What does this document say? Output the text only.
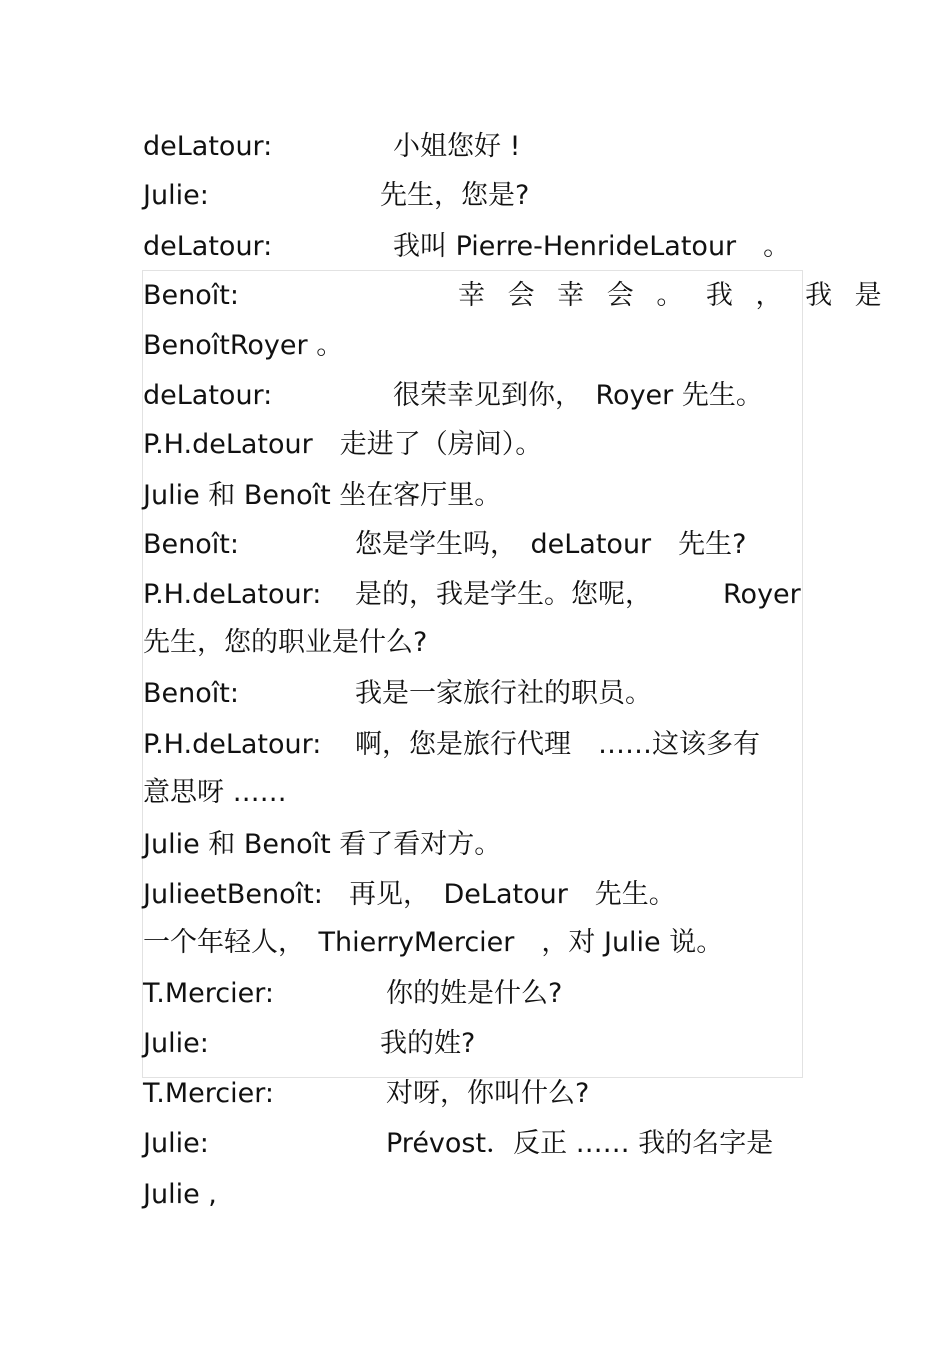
deLatour:	小姐您好 !
Julie:	先生，您是?
deLatour:	我叫 Pierre-HenrideLatour　。
Benoît:	幸 会 幸 会 。 我 ， 我 是
BenoîtRoyer 。
deLatour:	很荣幸见到你，　Royer 先生。
P.H.deLatour　走进了（房间）。
Julie 和 Benoît 坐在客厅里。
Benoît:	您是学生吗，　deLatour　先生?
P.H.deLatour: 是的，我是学生。您呢，	Royer
先生，您的职业是什么?
Benoît:	我是一家旅行社的职员。
P.H.deLatour: 啊，您是旅行代理　……这该多有
意思呀 ……
Julie 和 Benoît 看了看对方。
JulieetBenoît: 再见，　DeLatour　先生。
一个年轻人，　ThierryMercier　，对 Julie 说。
T.Mercier:	你的姓是什么?
Julie:	我的姓?
T.Mercier:	对呀，你叫什么?
Julie:	Prévost．反正 …… 我的名字是
Julie ,
